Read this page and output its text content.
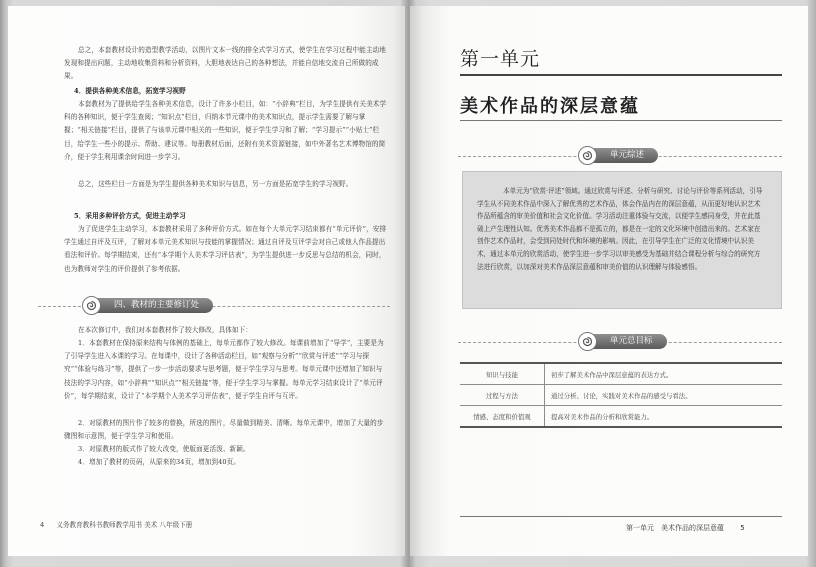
总之，本套教材设计的造型教学活动，以图片文本一线的排全式学习方式，使学生在学习过程中能主动地发现和提出问题，主动地收集资料和分析资料，大胆地表达自己的各种想法，并能自信地交流自己所做的成果。

4．提供各种美术信息，拓宽学习视野

本套教材为了提供给学生各种美术信息，设计了许多小栏目，如：“小辞典”栏目，为学生提供有关美术学科的各种知识，便于学生查阅；“知识点”栏目，归纳本节元课中的美术知识点，提示学生需要了解与掌握；“相关链接”栏目，提供了与该单元课中相关的一些知识，便于学生学习和了解；“学习提示”“小贴士”栏目，给学生一些小的提示、帮助、建议等。每册教材后面，还附有美术资源链接，如中外著名艺术博物馆的简介，便于学生利用课余时间进一步学习。

总之，这些栏目一方面是为学生提供各种美术知识与信息，另一方面是拓宽学生的学习视野。

5．采用多种评价方式，促进主动学习

为了促进学生主动学习，本套教材采用了多种评价方式。如在每个大单元学习结束都有“单元评价”，安排学生通过自评及互评，了解对本单元美术知识与技能的掌握情况；通过自评及互评学会对自己或他人作品提出看法和评价。每学期结束，还有“本学期个人美术学习评估表”，为学生提供进一步反思与总结的机会，同时，也为教师对学生的评价提供了参考依据。

四、教材的主要修订处

在本次修订中，我们对本套教材作了较大修改，具体如下：

1．本套教材在保持原来结构与体例的基础上，每单元都作了较大修改。每课前增加了“导学”，主要是为了引导学生进入本课的学习。在每课中，设计了各种活动栏目，如“观察与分析”“欣赏与评述”“学习与探究”“体验与练习”等，提供了一步一步活动要求与思考题，便于学生学习与思考。每单元课中还增加了知识与技法的学习内容，如“小辞典”“知识点”“相关链接”等，便于学生学习与掌握。每单元学习结束设计了“单元评价”，每学期结束，设计了“本学期个人美术学习评估表”，便于学生自评与互评。

2．对原教材的图片作了较多的替换，所选的图片，尽量做到精美、清晰。每单元课中，增加了大量的步骤图和示意图，便于学生学习和使用。

3．对原教材的版式作了较大改变，使版面更活泼、新颖。

4．增加了教材的页码，从原来的34页，增加到40页。

4 义务教育教科书教师教学用书 美术 八年级下册
第一单元
美术作品的深层意蕴
单元综述

本单元为“欣赏·评述”领域。通过欣赏与评述、分析与研究、讨论与评价等系列活动，引导学生从不同美术作品中深入了解优秀的艺术作品，体会作品内在的深层意蕴，从而更好地认识艺术作品所蕴含的审美价值和社会文化价值。学习活动注重体验与交流，以便学生感同身受，并在此基础上产生理性认知。优秀美术作品都不是孤立的，都是在一定的文化环境中创造出来的。艺术家在创作艺术作品时，会受到同处时代和环境的影响。因此，在引导学生在广泛的文化情境中认识美术，通过本单元的欣赏活动，使学生进一步学习以审美感受为基础并结合课程分析与综合的研究方法进行欣赏，以加深对美术作品深层意蕴和审美价值的认识理解与体验感悟。

单元总目标
知识与技能	初步了解美术作品中深层意蕴的表达方式。
过程与方法	通过分析、讨论，实践对美术作品的感受与看法。
情感、态度和价值观	提高对美术作品的分析和欣赏能力。
第一单元　美术作品的深层意蕴 5
